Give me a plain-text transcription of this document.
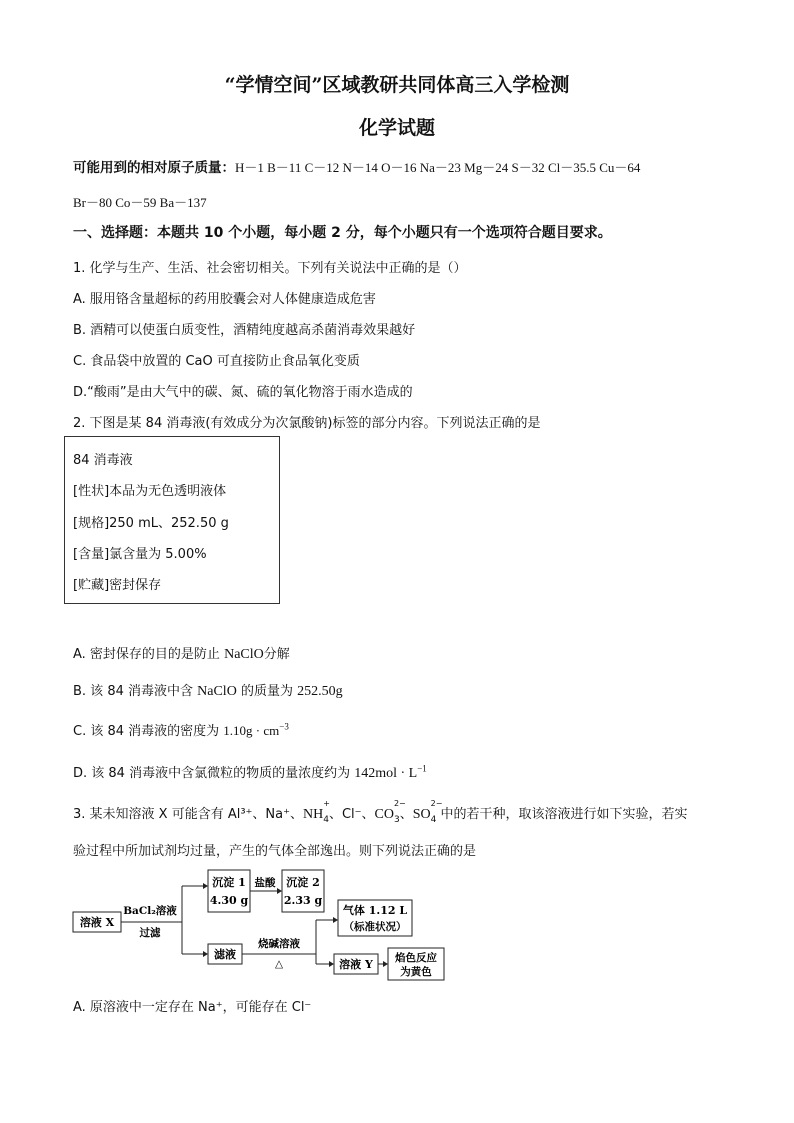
“学情空间”区域教研共同体高三入学检测
化学试题
可能用到的相对原子质量：H－1 B－11 C－12 N－14 O－16 Na－23 Mg－24 S－32 Cl－35.5 Cu－64
Br－80 Co－59 Ba－137
一、选择题：本题共 10 个小题，每小题 2 分，每个小题只有一个选项符合题目要求。
1. 化学与生产、生活、社会密切相关。下列有关说法中正确的是（）
A. 服用铬含量超标的药用胶囊会对人体健康造成危害
B. 酒精可以使蛋白质变性，酒精纯度越高杀菌消毒效果越好
C. 食品袋中放置的 CaO 可直接防止食品氧化变质
D.“酸雨”是由大气中的碳、氮、硫的氧化物溶于雨水造成的
2. 下图是某 84 消毒液(有效成分为次氯酸钠)标签的部分内容。下列说法正确的是
84 消毒液
[性状]本品为无色透明液体
[规格]250 mL、252.50 g
[含量]氯含量为 5.00%
[贮藏]密封保存
A. 密封保存的目的是防止 NaClO分解
B. 该 84 消毒液中含 NaClO 的质量为 252.50g
C. 该 84 消毒液的密度为 $1.10g \cdot cm^{-3}$
D. 该 84 消毒液中含氯微粒的物质的量浓度约为 $142mol \cdot L^{-1}$
3. 某未知溶液 X 可能含有 Al³⁺、Na⁺、NH
$_{+ 4}$、Cl⁻、CO
$_{2- 3}$、SO
$_{2- 4}$ 中的若干种，取该溶液进行如下实验，若实
验过程中所加试剂均过量，产生的气体全部逸出。则下列说法正确的是
溶液 X
BaCl₂溶液
过滤
沉淀 1
4.30 g
盐酸 沉淀 2
2.33 g
滤液
烧碱溶液
△
气体 1.12 L
（标准状况）
溶液 Y 焰色反应
为黄色
A. 原溶液中一定存在 Na⁺，可能存在 Cl⁻
